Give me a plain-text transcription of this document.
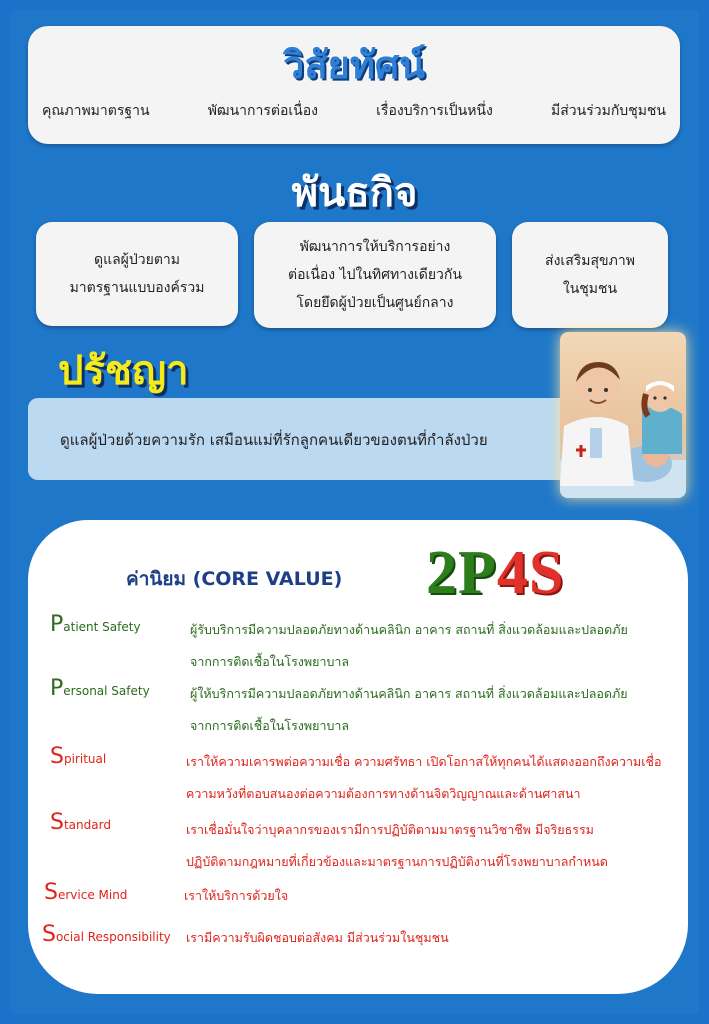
วิสัยทัศน์
คุณภาพมาตรฐาน	พัฒนาการต่อเนื่อง	เรื่องบริการเป็นหนึ่ง	มีส่วนร่วมกับชุมชน
พันธกิจ
ดูแลผู้ป่วยตาม
มาตรฐานแบบองค์รวม
พัฒนาการให้บริการอย่าง
ต่อเนื่อง ไปในทิศทางเดียวกัน
โดยยึดผู้ป่วยเป็นศูนย์กลาง
ส่งเสริมสุขภาพ
ในชุมชน
ปรัชญา
ดูแลผู้ป่วยด้วยความรัก เสมือนแม่ที่รักลูกคนเดียวของตนที่กำลังป่วย
ค่านิยม (CORE VALUE) 2P4S
Patient Safety	ผู้รับบริการมีความปลอดภัยทางด้านคลินิก อาคาร สถานที่ สิ่งแวดล้อมและปลอดภัย
จากการติดเชื้อในโรงพยาบาล
Personal Safety	ผู้ให้บริการมีความปลอดภัยทางด้านคลินิก อาคาร สถานที่ สิ่งแวดล้อมและปลอดภัย
จากการติดเชื้อในโรงพยาบาล
Spiritual	เราให้ความเคารพต่อความเชื่อ ความศรัทธา เปิดโอกาสให้ทุกคนได้แสดงออกถึงความเชื่อ
ความหวังที่ตอบสนองต่อความต้องการทางด้านจิตวิญญาณและด้านศาสนา
Standard	เราเชื่อมั่นใจว่าบุคลากรของเรามีการปฏิบัติตามมาตรฐานวิชาชีพ มีจริยธรรม
ปฏิบัติตามกฎหมายที่เกี่ยวข้องและมาตรฐานการปฏิบัติงานที่โรงพยาบาลกำหนด
Service Mind	เราให้บริการด้วยใจ
Social Responsibility เรามีความรับผิดชอบต่อสังคม มีส่วนร่วมในชุมชน
